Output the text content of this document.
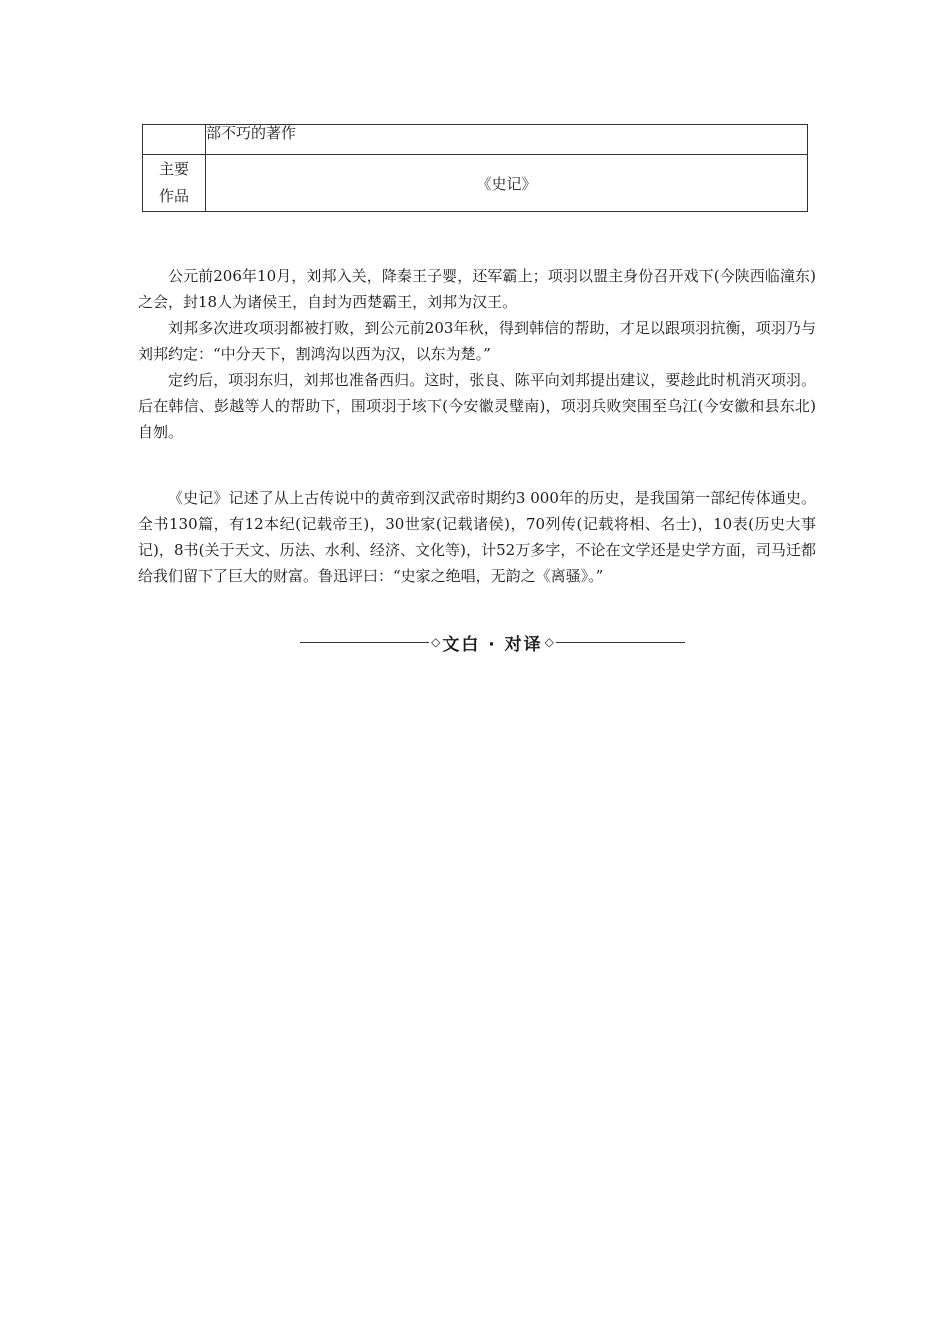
	部不巧的著作

主要
作品	《史记》

公元前206年10月，刘邦入关，降秦王子婴，还军霸上；项羽以盟主身份召开戏下(今陕西临潼东)之会，封18人为诸侯王，自封为西楚霸王，刘邦为汉王。

刘邦多次进攻项羽都被打败，到公元前203年秋，得到韩信的帮助，才足以跟项羽抗衡，项羽乃与刘邦约定：“中分天下，割鸿沟以西为汉，以东为楚。”

定约后，项羽东归，刘邦也准备西归。这时，张良、陈平向刘邦提出建议，要趁此时机消灭项羽。后在韩信、彭越等人的帮助下，围项羽于垓下(今安徽灵璧南)，项羽兵败突围至乌江(今安徽和县东北)自刎。

《史记》记述了从上古传说中的黄帝到汉武帝时期约3 000年的历史，是我国第一部纪传体通史。全书130篇，有12本纪(记载帝王)，30世家(记载诸侯)，70列传(记载将相、名士)，10表(历史大事记)，8书(关于天文、历法、水利、经济、文化等)，计52万多字，不论在文学还是史学方面，司马迁都给我们留下了巨大的财富。鲁迅评曰：“史家之绝唱，无韵之《离骚》。”

◇ 文白 · 对译 ◇
